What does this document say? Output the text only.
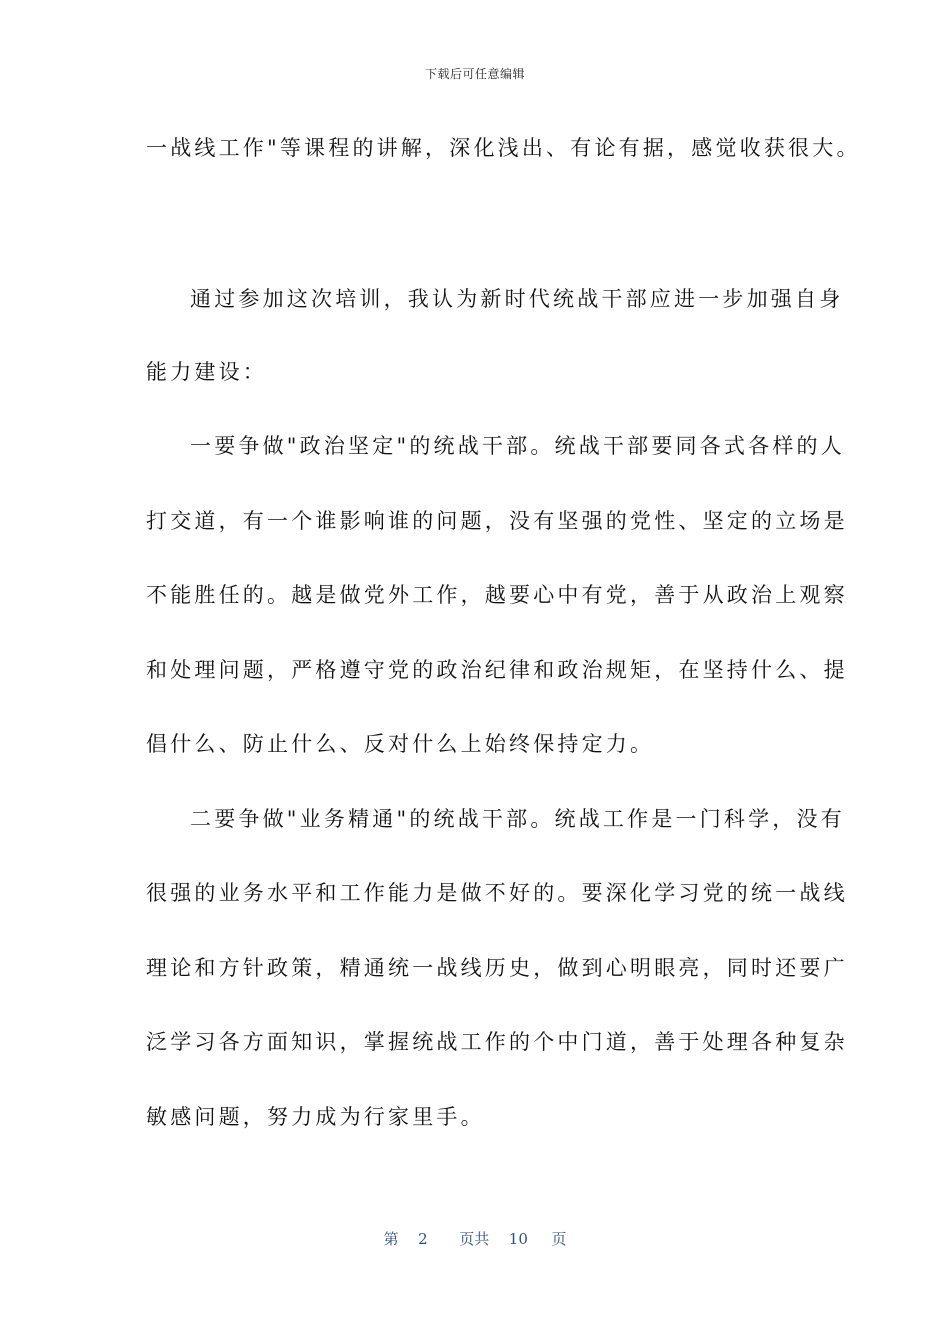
下载后可任意编辑
一战线工作"等课程的讲解，深化浅出、有论有据，感觉收获很大。
通过参加这次培训，我认为新时代统战干部应进一步加强自身
能力建设：
一要争做"政治坚定"的统战干部。统战干部要同各式各样的人
打交道，有一个谁影响谁的问题，没有坚强的党性、坚定的立场是
不能胜任的。越是做党外工作，越要心中有党，善于从政治上观察
和处理问题，严格遵守党的政治纪律和政治规矩，在坚持什么、提
倡什么、防止什么、反对什么上始终保持定力。
二要争做"业务精通"的统战干部。统战工作是一门科学，没有
很强的业务水平和工作能力是做不好的。要深化学习党的统一战线
理论和方针政策，精通统一战线历史，做到心明眼亮，同时还要广
泛学习各方面知识，掌握统战工作的个中门道，善于处理各种复杂
敏感问题，努力成为行家里手。
第 2 页共 10 页
